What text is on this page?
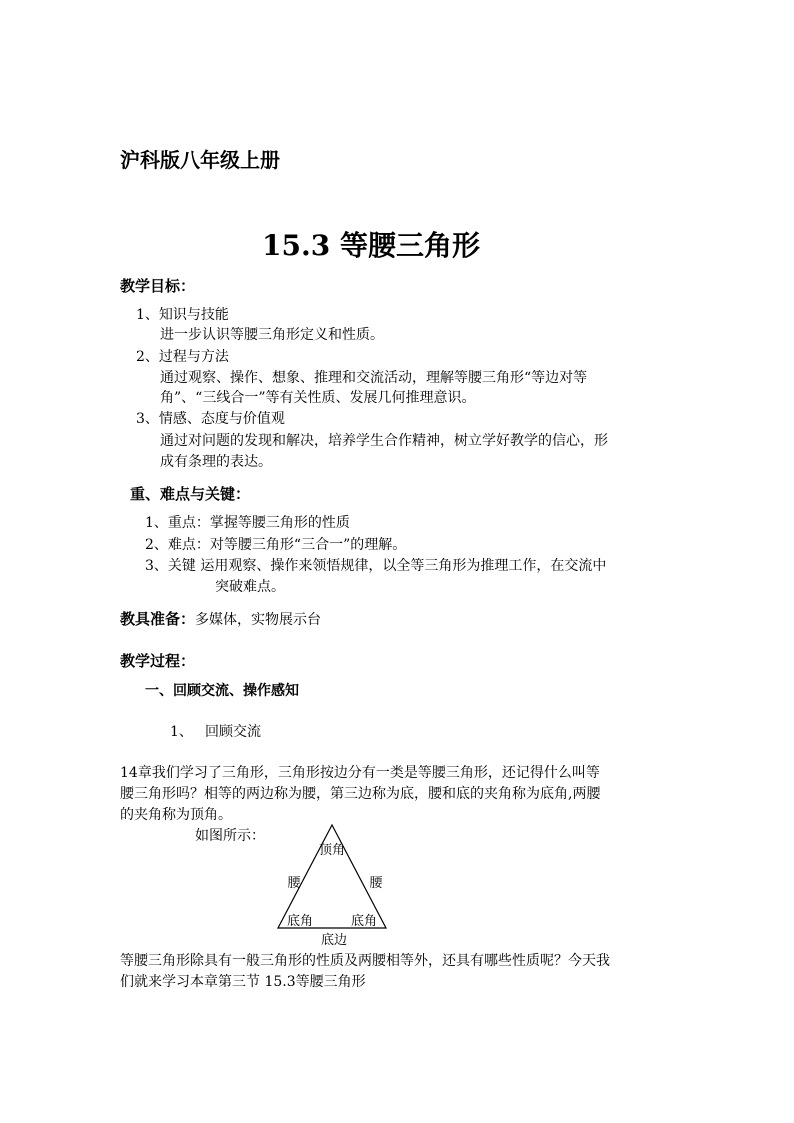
沪科版八年级上册
15.3 等腰三角形
教学目标：
1、知识与技能
进一步认识等腰三角形定义和性质。
2、过程与方法
通过观察、操作、想象、推理和交流活动，理解等腰三角形“等边对等
角”、“三线合一”等有关性质、发展几何推理意识。
3、情感、态度与价值观
通过对问题的发现和解决，培养学生合作精神，树立学好教学的信心，形
成有条理的表达。
重、难点与关键：
1、重点：掌握等腰三角形的性质
2、难点：对等腰三角形“三合一”的理解。
3、关键 运用观察、操作来领悟规律，以全等三角形为推理工作，在交流中
突破难点。
教具准备：多媒体，实物展示台
教学过程：
一、回顾交流、操作感知
1、 回顾交流
14章我们学习了三角形，三角形按边分有一类是等腰三角形，还记得什么叫等
腰三角形吗？相等的两边称为腰，第三边称为底，腰和底的夹角称为底角,两腰
的夹角称为顶角。
如图所示：
顶角
腰	腰
底角	底角
底边
等腰三角形除具有一般三角形的性质及两腰相等外，还具有哪些性质呢？今天我
们就来学习本章第三节 15.3等腰三角形
